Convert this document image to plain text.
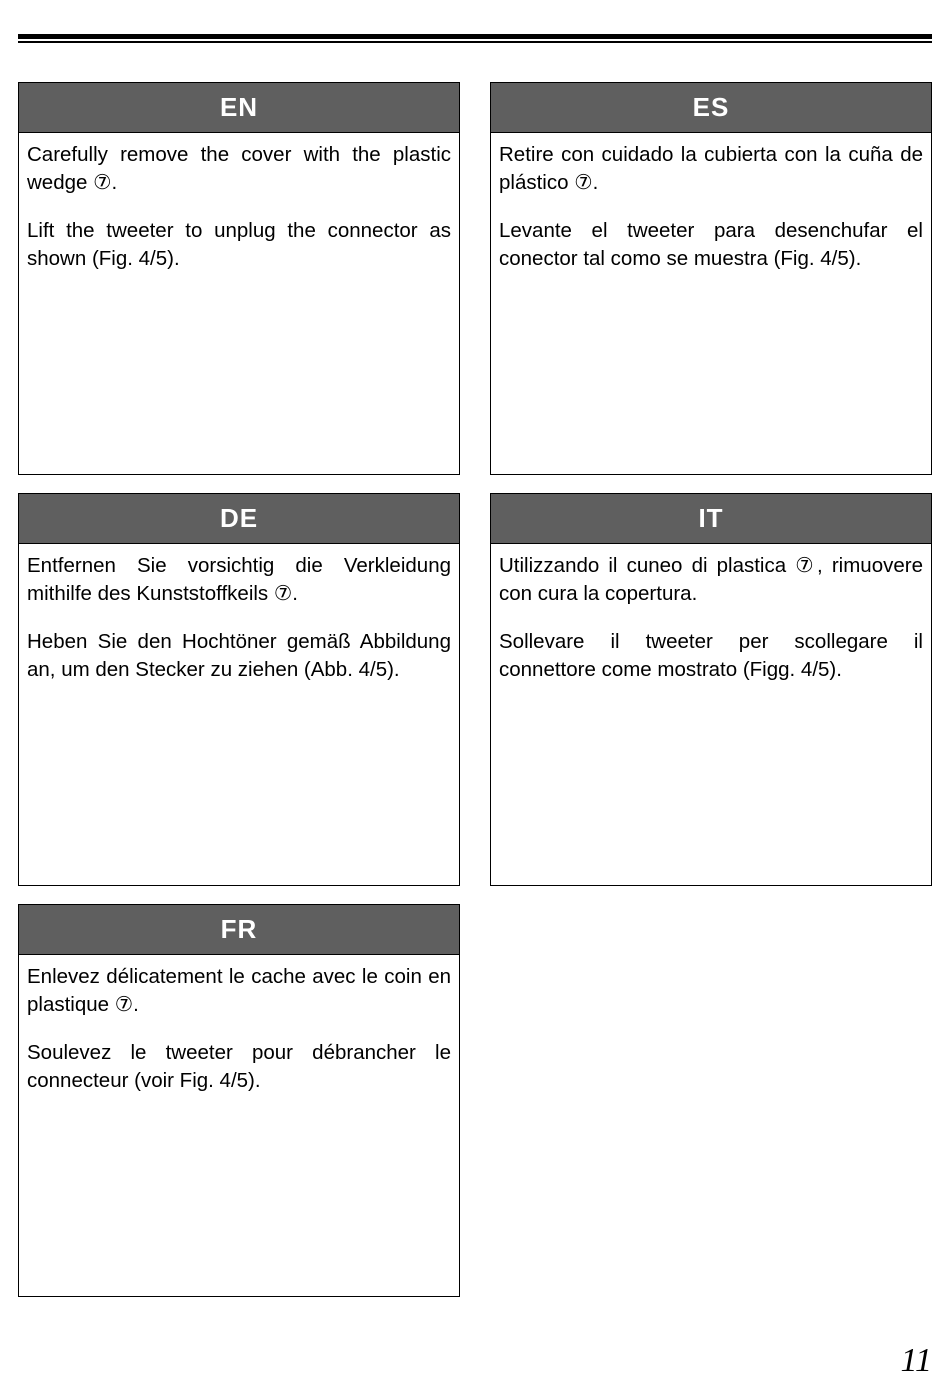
EN

Carefully remove the cover with the plastic wedge ⑦.

Lift the tweeter to unplug the connector as shown (Fig. 4/5).

ES

Retire con cuidado la cubierta con la cuña de plástico ⑦.

Levante el tweeter para desenchufar el conector tal como se muestra (Fig. 4/5).

DE

Entfernen Sie vorsichtig die Verkleidung mithilfe des Kunststoffkeils ⑦.

Heben Sie den Hochtöner gemäß Abbildung an, um den Stecker zu ziehen (Abb. 4/5).

IT

Utilizzando il cuneo di plastica ⑦, rimuovere con cura la copertura.

Sollevare il tweeter per scollegare il connettore come mostrato (Figg. 4/5).

FR

Enlevez délicatement le cache avec le coin en plastique ⑦.

Soulevez le tweeter pour débrancher le connecteur (voir Fig. 4/5).

11
